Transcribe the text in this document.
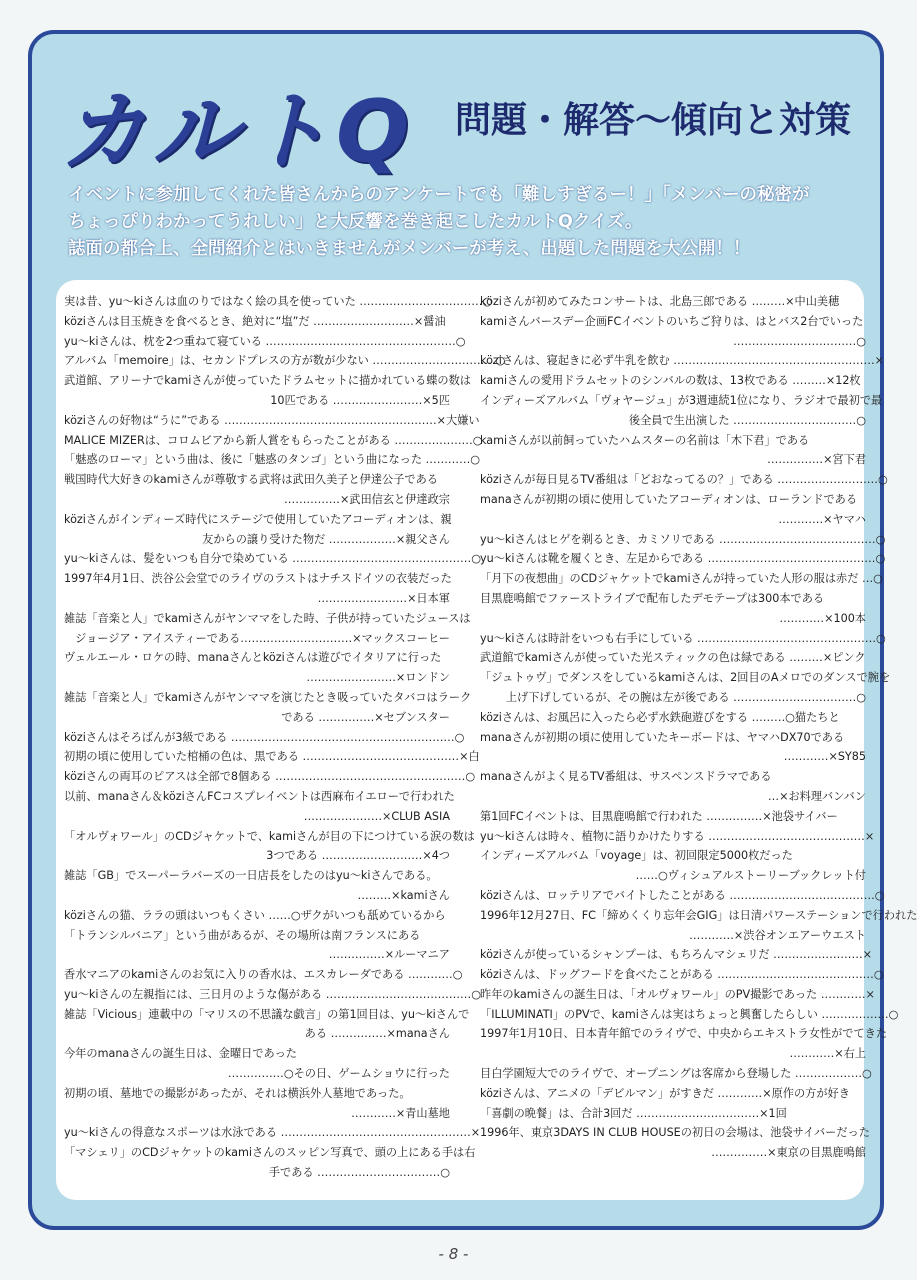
カルトQ 問題・解答〜傾向と対策
イベントに参加してくれた皆さんからのアンケートでも「難しすぎるー！」「メンバーの秘密が
ちょっぴりわかってうれしい」と大反響を巻き起こしたカルトQクイズ。
誌面の都合上、全問紹介とはいきませんがメンバーが考え、出題した問題を大公開！！
実は昔、yu〜kiさんは血のりではなく絵の具を使っていた ……………………………○
köziさんは目玉焼きを食べるとき、絶対に“塩”だ ………………………×醤油
yu〜kiさんは、枕を2つ重ねて寝ている ……………………………………………○
アルバム「memoire」は、セカンドプレスの方が数が少ない ……………………………○
武道館、アリーナでkamiさんが使っていたドラムセットに描かれている蝶の数は
10匹である ……………………×5匹
köziさんの好物は“うに”である …………………………………………………×大嫌い
MALICE MIZERは、コロムビアから新人賞をもらったことがある …………………○
「魅惑のローマ」という曲は、後に「魅惑のタンゴ」という曲になった …………○
戦国時代大好きのkamiさんが尊敬する武将は武田久美子と伊達公子である
……………×武田信玄と伊達政宗
köziさんがインディーズ時代にステージで使用していたアコーディオンは、親
友からの譲り受けた物だ ………………×親父さん
yu〜kiさんは、髪をいつも自分で染めている …………………………………………○
1997年4月1日、渋谷公会堂でのライヴのラストはナチスドイツの衣装だった
……………………×日本軍
雑誌「音楽と人」でkamiさんがヤンママをした時、子供が持っていたジュースは
ジョージア・アイスティーである…………………………×マックスコーヒー
ヴェルエール・ロケの時、manaさんとköziさんは遊びでイタリアに行った
……………………×ロンドン
雑誌「音楽と人」でkamiさんがヤンママを演じたとき吸っていたタバコはラーク
である ……………×セブンスター
köziさんはそろばんが3級である ……………………………………………………○
初期の頃に使用していた棺桶の色は、黒である ……………………………………×白
köziさんの両耳のピアスは全部で8個ある ……………………………………………○
以前、manaさん＆köziさんFCコスプレイベントは西麻布イエローで行われた
…………………×CLUB ASIA
「オルヴォワール」のCDジャケットで、kamiさんが目の下につけている涙の数は
3つである ………………………×4つ
雑誌「GB」でスーパーラバーズの一日店長をしたのはyu〜kiさんである。
………×kamiさん
köziさんの猫、ララの頭はいつもくさい ……○ザクがいつも舐めているから
「トランシルバニア」という曲があるが、その場所は南フランスにある
……………×ルーマニア
香水マニアのkamiさんのお気に入りの香水は、エスカレーダである …………○
yu〜kiさんの左親指には、三日月のような傷がある …………………………………○
雑誌「Vicious」連載中の「マリスの不思議な戯言」の第1回目は、yu〜kiさんで
ある ……………×manaさん
今年のmanaさんの誕生日は、金曜日であった
……………○その日、ゲームショウに行った
初期の頃、墓地での撮影があったが、それは横浜外人墓地であった。
…………×青山墓地
yu〜kiさんの得意なスポーツは水泳である ……………………………………………×
「マシェリ」のCDジャケットのkamiさんのスッピン写真で、頭の上にある手は右
手である ……………………………○
köziさんが初めてみたコンサートは、北島三郎である ………×中山美穂
kamiさんバースデー企画FCイベントのいちご狩りは、はとバス2台でいった
……………………………○
köziさんは、寝起きに必ず牛乳を飲む ………………………………………………×
kamiさんの愛用ドラムセットのシンバルの数は、13枚である ………×12枚
インディーズアルバム「ヴォヤージュ」が3週連続1位になり、ラジオで最初で最
後全員で生出演した ……………………………○
kamiさんが以前飼っていたハムスターの名前は「木下君」である
……………×宮下君
köziさんが毎日見るTV番組は「どおなってるの？」である ………………………○
manaさんが初期の頃に使用していたアコーディオンは、ローランドである
…………×ヤマハ
yu〜kiさんはヒゲを剃るとき、カミソリである ……………………………………○
yu〜kiさんは靴を履くとき、左足からである ………………………………………○
「月下の夜想曲」のCDジャケットでkamiさんが持っていた人形の服は赤だ …○
目黒鹿鳴館でファーストライブで配布したデモテープは300本である
…………×100本
yu〜kiさんは時計をいつも右手にしている …………………………………………○
武道館でkamiさんが使っていた光スティックの色は緑である ………×ピンク
「ジュトゥヴ」でダンスをしているkamiさんは、2回目のAメロでのダンスで腕を
上げ下げしているが、その腕は左が後である ……………………………○
köziさんは、お風呂に入ったら必ず水鉄砲遊びをする ………○猫たちと
manaさんが初期の頃に使用していたキーボードは、ヤマハDX70である
…………×SY85
manaさんがよく見るTV番組は、サスペンスドラマである
…×お料理バンバン
第1回FCイベントは、目黒鹿鳴館で行われた ……………×池袋サイバー
yu〜kiさんは時々、植物に語りかけたりする ……………………………………×
インディーズアルバム「voyage」は、初回限定5000枚だった
……○ヴィシュアルストーリーブックレット付
köziさんは、ロッテリアでバイトしたことがある …………………………………○
1996年12月27日、FC「締めくくり忘年会GIG」は日清パワーステーションで行われた
…………×渋谷オンエアーウエスト
köziさんが使っているシャンプーは、もちろんマシェリだ ……………………×
köziさんは、ドッグフードを食べたことがある ……………………………………○
昨年のkamiさんの誕生日は、「オルヴォワール」のPV撮影であった …………×
「ILLUMINATI」のPVで、kamiさんは実はちょっと興奮したらしい ………………○
1997年1月10日、日本青年館でのライヴで、中央からエキストラ女性がでてきた
…………×右上
目白学園短大でのライヴで、オープニングは客席から登場した ………………○
köziさんは、アニメの「デビルマン」がすきだ …………×原作の方が好き
「喜劇の晩餐」は、合計3回だ ……………………………×1回
1996年、東京3DAYS IN CLUB HOUSEの初日の会場は、池袋サイバーだった
……………×東京の目黒鹿鳴館
- 8 -
